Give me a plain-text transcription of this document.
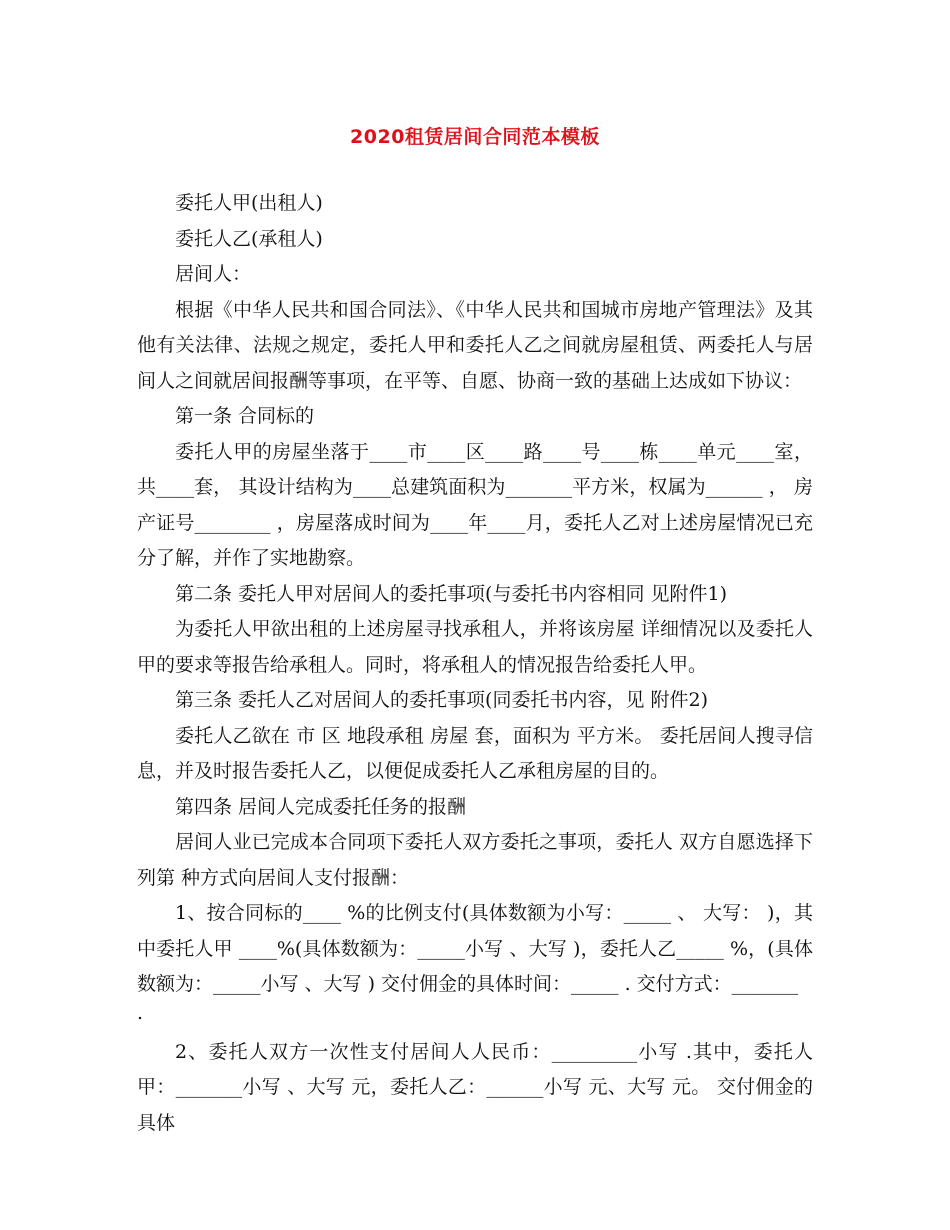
2020租赁居间合同范本模板

委托人甲(出租人)

委托人乙(承租人)

居间人：

根据《中华人民共和国合同法》、《中华人民共和国城市房地产管理法》及其他有关法律、法规之规定，委托人甲和委托人乙之间就房屋租赁、两委托人与居间人之间就居间报酬等事项，在平等、自愿、协商一致的基础上达成如下协议：

第一条 合同标的

委托人甲的房屋坐落于____市____区____路____号____栋____单元____室，共____套， 其设计结构为____总建筑面积为_______平方米，权属为______ ， 房产证号________ ，房屋落成时间为____年____月，委托人乙对上述房屋情况已充分了解，并作了实地勘察。

第二条 委托人甲对居间人的委托事项(与委托书内容相同 见附件1)

为委托人甲欲出租的上述房屋寻找承租人，并将该房屋 详细情况以及委托人甲的要求等报告给承租人。同时，将承租人的情况报告给委托人甲。

第三条 委托人乙对居间人的委托事项(同委托书内容，见 附件2)

委托人乙欲在 市 区 地段承租 房屋 套，面积为 平方米。 委托居间人搜寻信息，并及时报告委托人乙，以便促成委托人乙承租房屋的目的。

第四条 居间人完成委托任务的报酬

居间人业已完成本合同项下委托人双方委托之事项，委托人 双方自愿选择下列第 种方式向居间人支付报酬：

1、按合同标的____ %的比例支付(具体数额为小写：_____ 、 大写： )，其中委托人甲 ____%(具体数额为：_____小写 、大写 )，委托人乙_____ %，(具体数额为：_____小写 、大写 ) 交付佣金的具体时间：_____ . 交付方式：_______

.

2、委托人双方一次性支付居间人人民币：_________小写 .其中，委托人甲：_______小写 、大写 元，委托人乙：______小写 元、大写 元。 交付佣金的具体
